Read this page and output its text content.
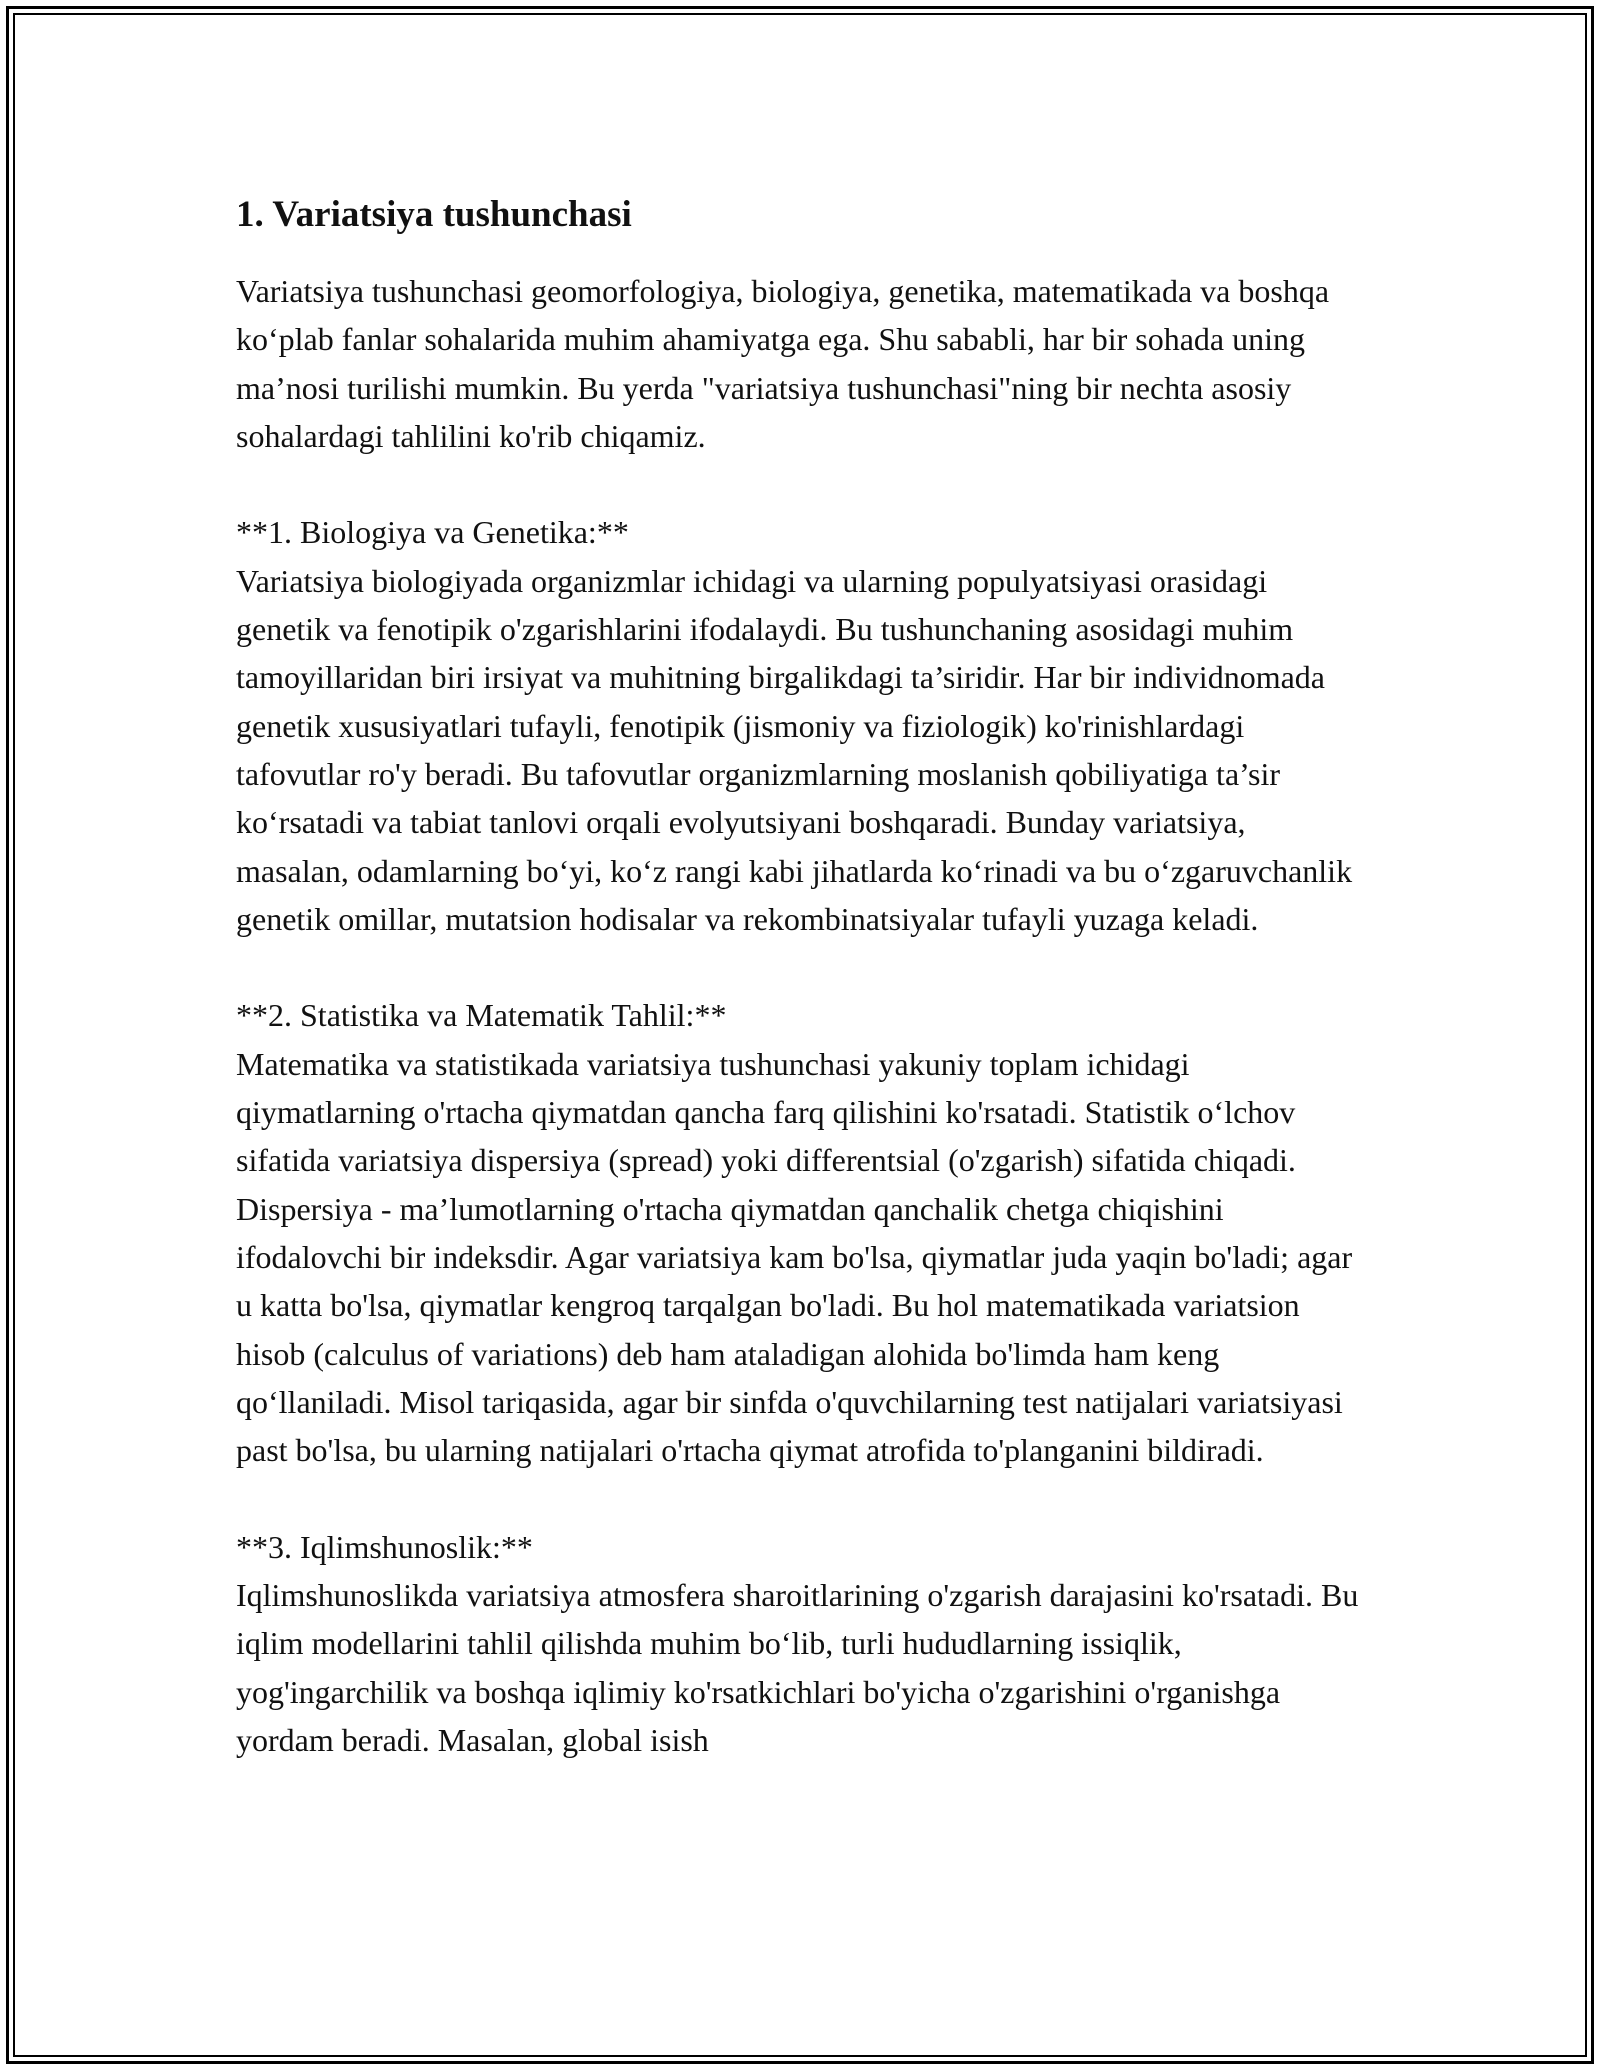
1. Variatsiya tushunchasi

Variatsiya tushunchasi geomorfologiya, biologiya, genetika, matematikada va boshqa ko‘plab fanlar sohalarida muhim ahamiyatga ega. Shu sababli, har bir sohada uning ma’nosi turilishi mumkin. Bu yerda "variatsiya tushunchasi"ning bir nechta asosiy sohalardagi tahlilini ko'rib chiqamiz.

**1. Biologiya va Genetika:**

Variatsiya biologiyada organizmlar ichidagi va ularning populyatsiyasi orasidagi genetik va fenotipik o'zgarishlarini ifodalaydi. Bu tushunchaning asosidagi muhim tamoyillaridan biri irsiyat va muhitning birgalikdagi ta’siridir. Har bir individnomada genetik xususiyatlari tufayli, fenotipik (jismoniy va fiziologik) ko'rinishlardagi tafovutlar ro'y beradi. Bu tafovutlar organizmlarning moslanish qobiliyatiga ta’sir ko‘rsatadi va tabiat tanlovi orqali evolyutsiyani boshqaradi. Bunday variatsiya, masalan, odamlarning bo‘yi, ko‘z rangi kabi jihatlarda ko‘rinadi va bu o‘zgaruvchanlik genetik omillar, mutatsion hodisalar va rekombinatsiyalar tufayli yuzaga keladi.

**2. Statistika va Matematik Tahlil:**

Matematika va statistikada variatsiya tushunchasi yakuniy toplam ichidagi qiymatlarning o'rtacha qiymatdan qancha farq qilishini ko'rsatadi. Statistik o‘lchov sifatida variatsiya dispersiya (spread) yoki differentsial (o'zgarish) sifatida chiqadi. Dispersiya - ma’lumotlarning o'rtacha qiymatdan qanchalik chetga chiqishini ifodalovchi bir indeksdir. Agar variatsiya kam bo'lsa, qiymatlar juda yaqin bo'ladi; agar u katta bo'lsa, qiymatlar kengroq tarqalgan bo'ladi. Bu hol matematikada variatsion hisob (calculus of variations) deb ham ataladigan alohida bo'limda ham keng qo‘llaniladi. Misol tariqasida, agar bir sinfda o'quvchilarning test natijalari variatsiyasi past bo'lsa, bu ularning natijalari o'rtacha qiymat atrofida to'planganini bildiradi.

**3. Iqlimshunoslik:**

Iqlimshunoslikda variatsiya atmosfera sharoitlarining o'zgarish darajasini ko'rsatadi. Bu iqlim modellarini tahlil qilishda muhim bo‘lib, turli hududlarning issiqlik, yog'ingarchilik va boshqa iqlimiy ko'rsatkichlari bo'yicha o'zgarishini o'rganishga yordam beradi. Masalan, global isish
